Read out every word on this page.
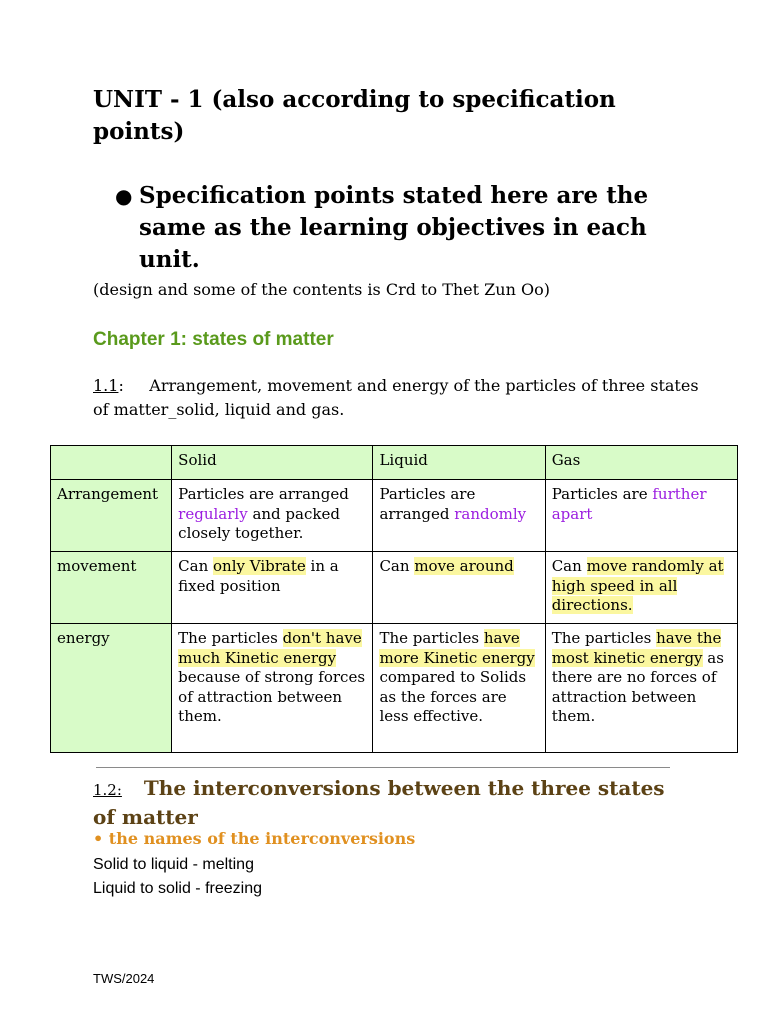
UNIT - 1 (also according to specification points)
● Specification points stated here are the same as the learning objectives in each unit.
(design and some of the contents is Crd to Thet Zun Oo)
Chapter 1: states of matter
1.1:     Arrangement, movement and energy of the particles of three states of matter_solid, liquid and gas.
	Solid	Liquid	Gas
Arrangement	Particles are arranged regularly and packed closely together.	Particles are arranged randomly	Particles are further apart
movement	Can only Vibrate in a fixed position	Can move around	Can move randomly at high speed in all directions.
energy	The particles don't have much Kinetic energy because of strong forces of attraction between them.	The particles have more Kinetic energy compared to Solids as the forces are less effective.	The particles have the most kinetic energy as there are no forces of attraction between them.
1.2: The interconversions between the three states of matter
• the names of the interconversions
Solid to liquid - melting
Liquid to solid - freezing
TWS/2024
